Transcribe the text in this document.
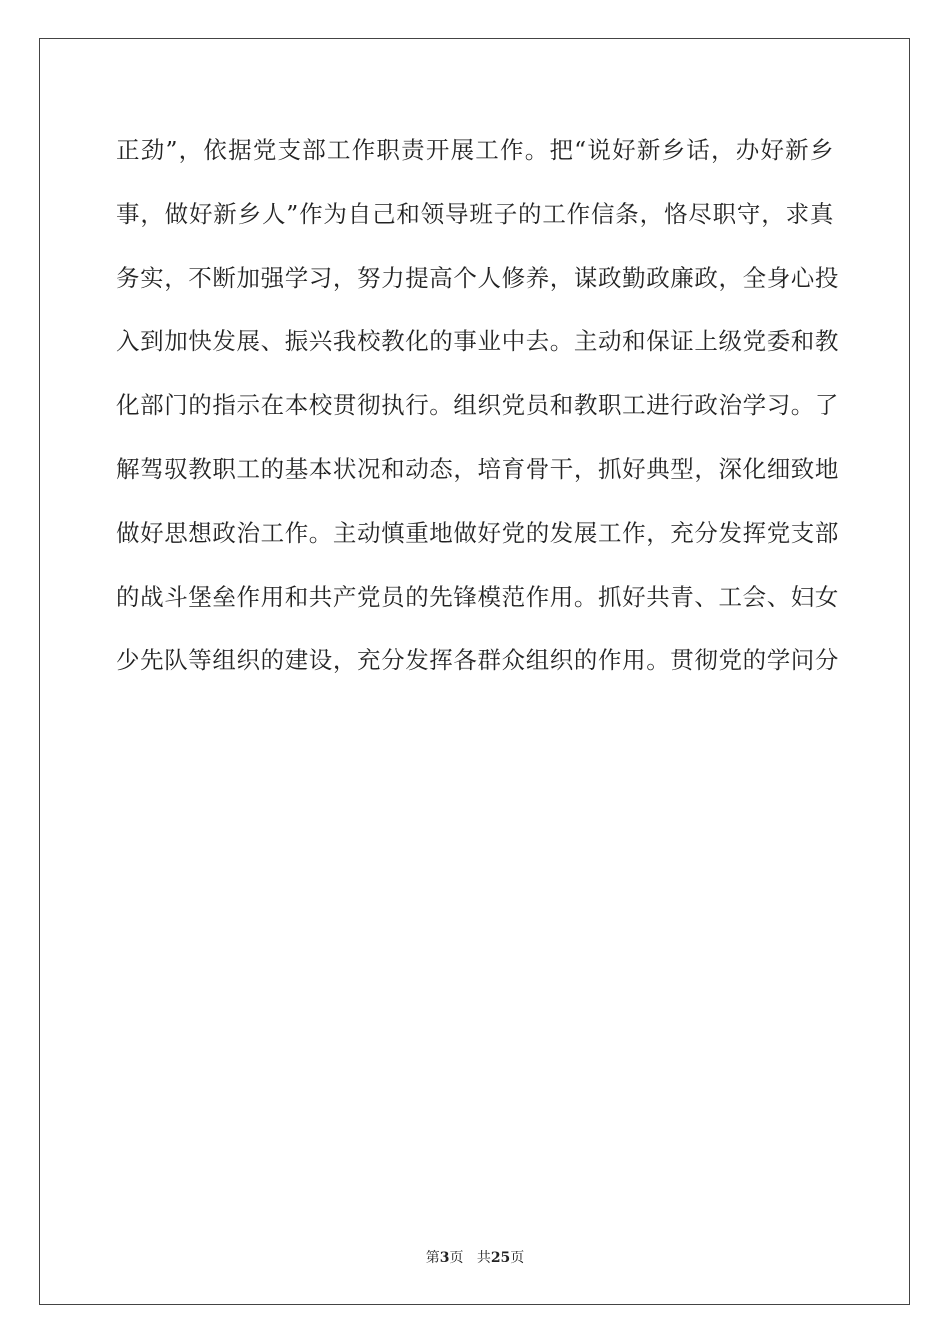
正劲”，依据党支部工作职责开展工作。把“说好新乡话，办好新乡
事，做好新乡人”作为自己和领导班子的工作信条，恪尽职守，求真
务实，不断加强学习，努力提高个人修养，谋政勤政廉政，全身心投
入到加快发展、振兴我校教化的事业中去。主动和保证上级党委和教
化部门的指示在本校贯彻执行。组织党员和教职工进行政治学习。了
解驾驭教职工的基本状况和动态，培育骨干，抓好典型，深化细致地
做好思想政治工作。主动慎重地做好党的发展工作，充分发挥党支部
的战斗堡垒作用和共产党员的先锋模范作用。抓好共青、工会、妇女
少先队等组织的建设，充分发挥各群众组织的作用。贯彻党的学问分
第3页 共25页
